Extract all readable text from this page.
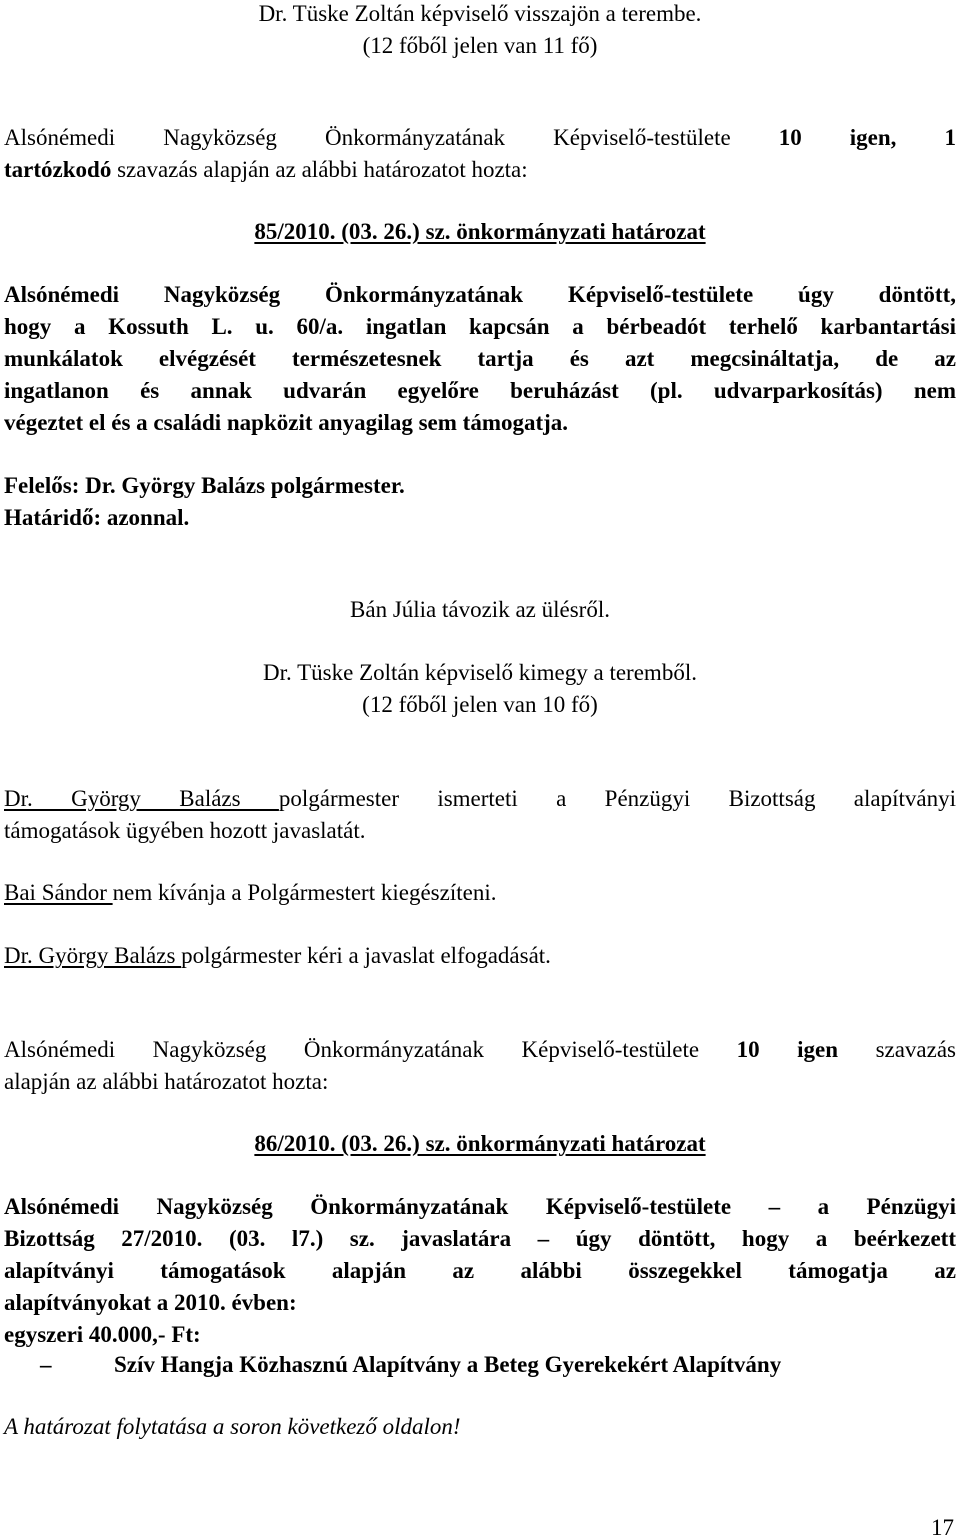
Dr. Tüske Zoltán képviselő visszajön a terembe.
(12 főből jelen van 11 fő)
Alsónémedi Nagyközség Önkormányzatának Képviselő-testülete 10 igen, 1
tartózkodó szavazás alapján az alábbi határozatot hozta:
85/2010. (03. 26.) sz. önkormányzati határozat
Alsónémedi Nagyközség Önkormányzatának Képviselő-testülete úgy döntött,
hogy a Kossuth L. u. 60/a. ingatlan kapcsán a bérbeadót terhelő karbantartási
munkálatok elvégzését természetesnek tartja és azt megcsináltatja, de az
ingatlanon és annak udvarán egyelőre beruházást (pl. udvarparkosítás) nem
végeztet el és a családi napközit anyagilag sem támogatja.
Felelős: Dr. György Balázs polgármester.
Határidő: azonnal.
Bán Júlia távozik az ülésről.
Dr. Tüske Zoltán képviselő kimegy a teremből.
(12 főből jelen van 10 fő)
Dr. György Balázs polgármester ismerteti a Pénzügyi Bizottság alapítványi
támogatások ügyében hozott javaslatát.
Bai Sándor nem kívánja a Polgármestert kiegészíteni.
Dr. György Balázs polgármester kéri a javaslat elfogadását.
Alsónémedi Nagyközség Önkormányzatának Képviselő-testülete 10 igen szavazás
alapján az alábbi határozatot hozta:
86/2010. (03. 26.) sz. önkormányzati határozat
Alsónémedi Nagyközség Önkormányzatának Képviselő-testülete – a Pénzügyi
Bizottság 27/2010. (03. l7.) sz. javaslatára – úgy döntött, hogy a beérkezett
alapítványi támogatások alapján az alábbi összegekkel támogatja az
alapítványokat a 2010. évben:
egyszeri 40.000,- Ft:
–	Szív Hangja Közhasznú Alapítvány a Beteg Gyerekekért Alapítvány
A határozat folytatása a soron következő oldalon!
17
